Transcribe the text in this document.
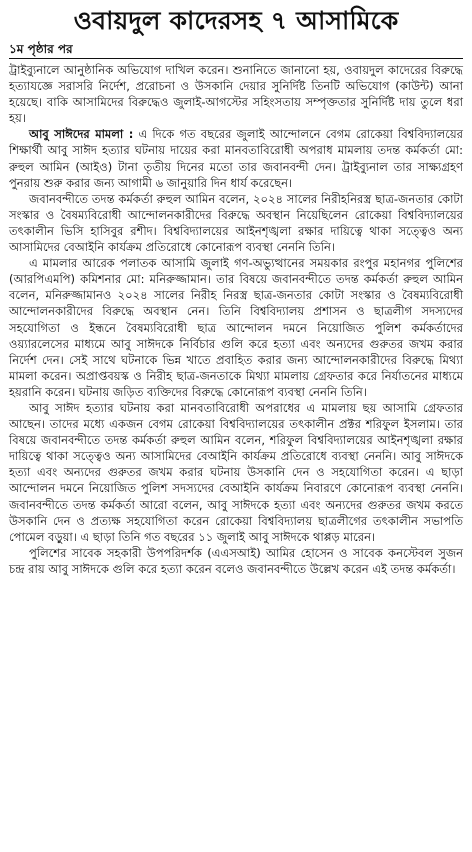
ওবায়দুল কাদেরসহ ৭ আসামিকে
১ম পৃষ্ঠার পর

ট্রাইব্যুনালে আনুষ্ঠানিক অভিযোগ দাখিল করেন। শুনানিতে জানানো হয়, ওবায়দুল কাদেরের বিরুদ্ধে হত্যাযজ্ঞে সরাসরি নির্দেশ, প্ররোচনা ও উসকানি দেয়ার সুনির্দিষ্ট তিনটি অভিযোগ (কাউন্ট) আনা হয়েছে। বাকি আসামিদের বিরুদ্ধেও জুলাই-আগস্টের সহিংসতায় সম্পৃক্ততার সুনির্দিষ্ট দায় তুলে ধরা হয়।

আবু সাঈদের মামলা : এ দিকে গত বছরের জুলাই আন্দোলনে বেগম রোকেয়া বিশ্ববিদ্যালয়ের শিক্ষার্থী আবু সাঈদ হত্যার ঘটনায় দায়ের করা মানবতাবিরোধী অপরাধ মামলায় তদন্ত কর্মকর্তা মো: রুহুল আমিন (আইও) টানা তৃতীয় দিনের মতো তার জবানবন্দী দেন। ট্রাইব্যুনাল তার সাক্ষ্যগ্রহণ পুনরায় শুরু করার জন্য আগামী ৬ জানুয়ারি দিন ধার্য করেছেন।

জবানবন্দীতে তদন্ত কর্মকর্তা রুহুল আমিন বলেন, ২০২৪ সালের নিরীহনিরস্ত্র ছাত্র-জনতার কোটা সংস্কার ও বৈষম্যবিরোধী আন্দোলনকারীদের বিরুদ্ধে অবস্থান নিয়েছিলেন রোকেয়া বিশ্ববিদ্যালয়ের তৎকালীন ভিসি হাসিবুর রশীদ। বিশ্ববিদ্যালয়ের আইনশৃঙ্খলা রক্ষার দায়িত্বে থাকা সত্ত্বেও অন্য আসামিদের বেআইনি কার্যক্রম প্রতিরোধে কোনোরূপ ব্যবস্থা নেননি তিনি।

এ মামলার আরেক পলাতক আসামি জুলাই গণ-অভ্যুত্থানের সময়কার রংপুর মহানগর পুলিশের (আরপিএমপি) কমিশনার মো: মনিরুজ্জামান। তার বিষয়ে জবানবন্দীতে তদন্ত কর্মকর্তা রুহুল আমিন বলেন, মনিরুজ্জামানও ২০২৪ সালের নিরীহ নিরস্ত্র ছাত্র-জনতার কোটা সংস্কার ও বৈষম্যবিরোধী আন্দোলনকারীদের বিরুদ্ধে অবস্থান নেন। তিনি বিশ্ববিদ্যালয় প্রশাসন ও ছাত্রলীগ সদস্যদের সহযোগিতা ও ইন্ধনে বৈষম্যবিরোধী ছাত্র আন্দোলন দমনে নিয়োজিত পুলিশ কর্মকর্তাদের ওয়্যারলেসের মাধ্যমে আবু সাঈদকে নির্বিচার গুলি করে হত্যা এবং অন্যদের গুরুতর জখম করার নির্দেশ দেন। সেই সাথে ঘটনাকে ভিন্ন খাতে প্রবাহিত করার জন্য আন্দোলনকারীদের বিরুদ্ধে মিথ্যা মামলা করেন। অপ্রাপ্তবয়স্ক ও নিরীহ ছাত্র-জনতাকে মিথ্যা মামলায় গ্রেফতার করে নির্যাতনের মাধ্যমে হয়রানি করেন। ঘটনায় জড়িত ব্যক্তিদের বিরুদ্ধে কোনোরূপ ব্যবস্থা নেননি তিনি।

আবু সাঈদ হত্যার ঘটনায় করা মানবতাবিরোধী অপরাধের এ মামলায় ছয় আসামি গ্রেফতার আছেন। তাদের মধ্যে একজন বেগম রোকেয়া বিশ্ববিদ্যালয়ের তৎকালীন প্রক্টর শরিফুল ইসলাম। তার বিষয়ে জবানবন্দীতে তদন্ত কর্মকর্তা রুহুল আমিন বলেন, শরিফুল বিশ্ববিদ্যালয়ের আইনশৃঙ্খলা রক্ষার দায়িত্বে থাকা সত্ত্বেও অন্য আসামিদের বেআইনি কার্যক্রম প্রতিরোধে ব্যবস্থা নেননি। আবু সাঈদকে হত্যা এবং অন্যদের গুরুতর জখম করার ঘটনায় উসকানি দেন ও সহযোগিতা করেন। এ ছাড়া আন্দোলন দমনে নিয়োজিত পুলিশ সদস্যদের বেআইনি কার্যক্রম নিবারণে কোনোরূপ ব্যবস্থা নেননি। জবানবন্দীতে তদন্ত কর্মকর্তা আরো বলেন, আবু সাঈদকে হত্যা এবং অন্যদের গুরুতর জখম করতে উসকানি দেন ও প্রত্যক্ষ সহযোগিতা করেন রোকেয়া বিশ্ববিদ্যালয় ছাত্রলীগের তৎকালীন সভাপতি পোমেল বড়ুয়া। এ ছাড়া তিনি গত বছরের ১১ জুলাই আবু সাঈদকে থাপ্পড় মারেন।

পুলিশের সাবেক সহকারী উপপরিদর্শক (এএসআই) আমির হোসেন ও সাবেক কনস্টেবল সুজন চন্দ্র রায় আবু সাঈদকে গুলি করে হত্যা করেন বলেও জবানবন্দীতে উল্লেখ করেন এই তদন্ত কর্মকর্তা।
